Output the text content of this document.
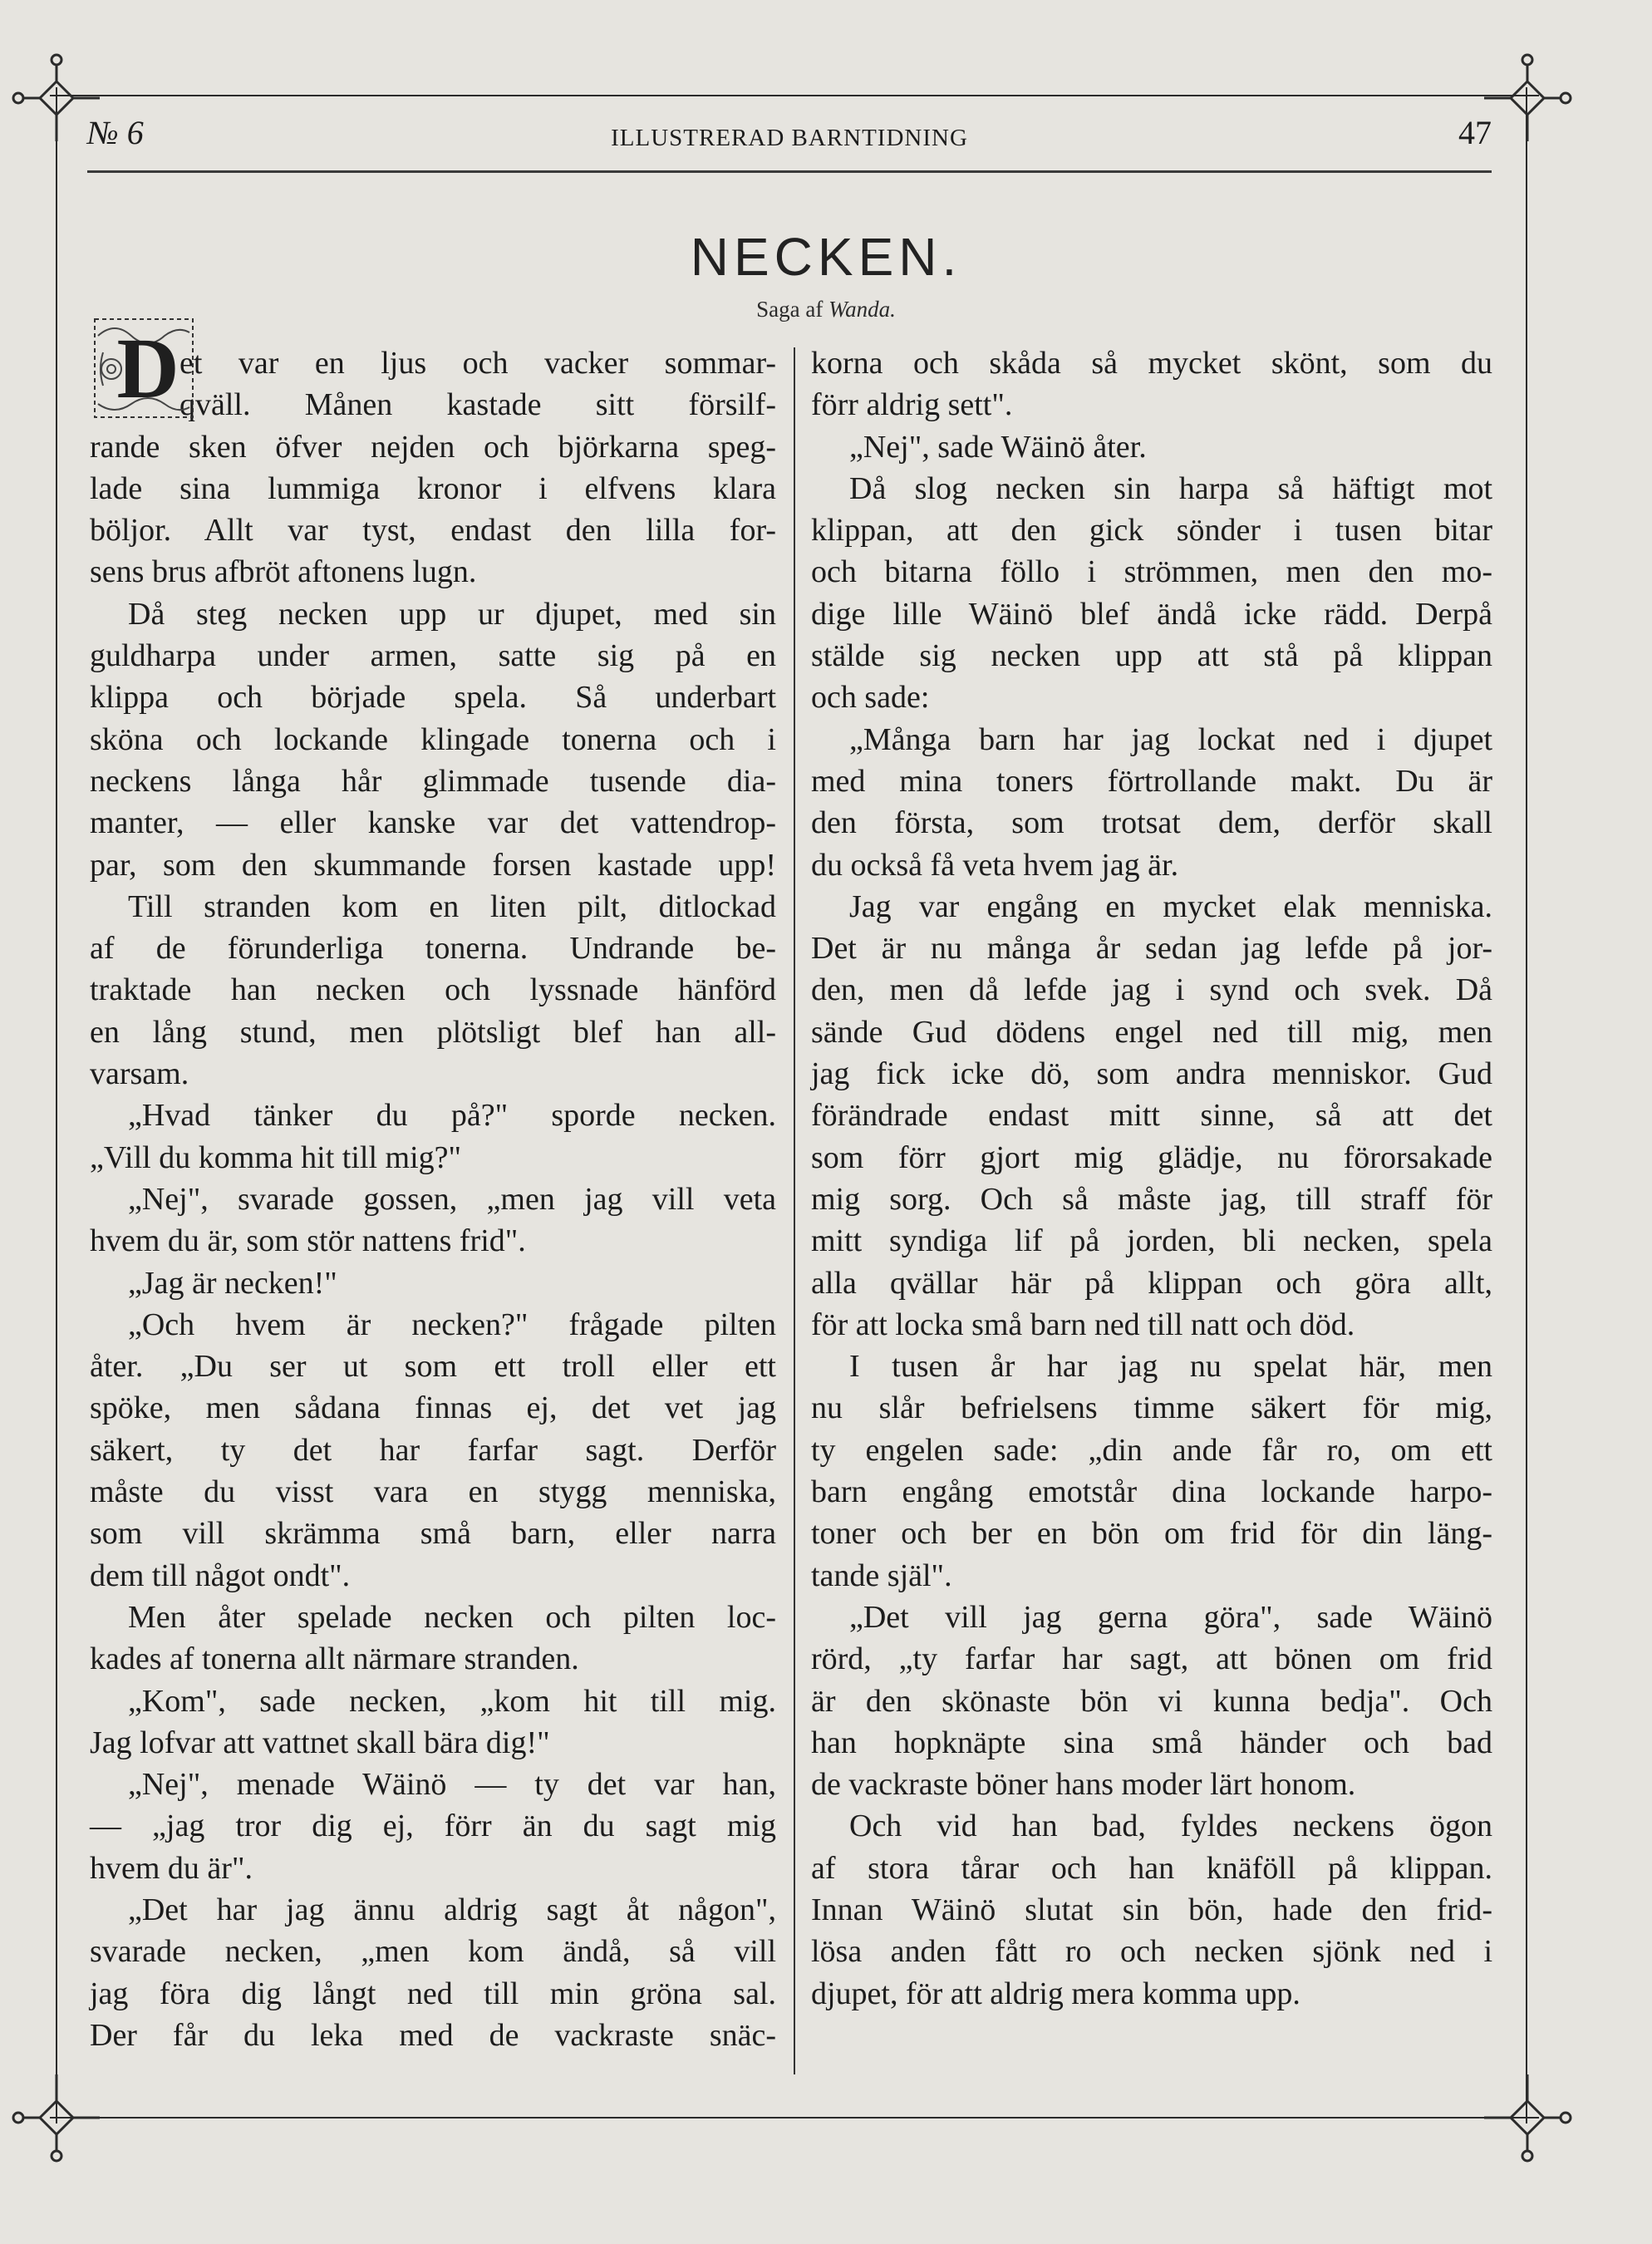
№ 6	ILLUSTRERAD BARNTIDNING	47
NECKEN.
Saga af Wanda.
D et var en ljus och vacker sommar-
qväll. Månen kastade sitt försilf-
rande sken öfver nejden och björkarna speg-
lade sina lummiga kronor i elfvens klara
böljor. Allt var tyst, endast den lilla for-
sens brus afbröt aftonens lugn.
Då steg necken upp ur djupet, med sin
guldharpa under armen, satte sig på en
klippa och började spela. Så underbart
sköna och lockande klingade tonerna och i
neckens långa hår glimmade tusende dia-
manter, — eller kanske var det vattendrop-
par, som den skummande forsen kastade upp!
Till stranden kom en liten pilt, ditlockad
af de förunderliga tonerna. Undrande be-
traktade han necken och lyssnade hänförd
en lång stund, men plötsligt blef han all-
varsam.
„Hvad tänker du på?" sporde necken.
„Vill du komma hit till mig?"
„Nej", svarade gossen, „men jag vill veta
hvem du är, som stör nattens frid".
„Jag är necken!"
„Och hvem är necken?" frågade pilten
åter. „Du ser ut som ett troll eller ett
spöke, men sådana finnas ej, det vet jag
säkert, ty det har farfar sagt. Derför
måste du visst vara en stygg menniska,
som vill skrämma små barn, eller narra
dem till något ondt".
Men åter spelade necken och pilten loc-
kades af tonerna allt närmare stranden.
„Kom", sade necken, „kom hit till mig.
Jag lofvar att vattnet skall bära dig!"
„Nej", menade Wäinö — ty det var han,
— „jag tror dig ej, förr än du sagt mig
hvem du är".
„Det har jag ännu aldrig sagt åt någon",
svarade necken, „men kom ändå, så vill
jag föra dig långt ned till min gröna sal.
Der får du leka med de vackraste snäc-
korna och skåda så mycket skönt, som du
förr aldrig sett".
„Nej", sade Wäinö åter.
Då slog necken sin harpa så häftigt mot
klippan, att den gick sönder i tusen bitar
och bitarna föllo i strömmen, men den mo-
dige lille Wäinö blef ändå icke rädd. Derpå
stälde sig necken upp att stå på klippan
och sade:
„Många barn har jag lockat ned i djupet
med mina toners förtrollande makt. Du är
den första, som trotsat dem, derför skall
du också få veta hvem jag är.
Jag var engång en mycket elak menniska.
Det är nu många år sedan jag lefde på jor-
den, men då lefde jag i synd och svek. Då
sände Gud dödens engel ned till mig, men
jag fick icke dö, som andra menniskor. Gud
förändrade endast mitt sinne, så att det
som förr gjort mig glädje, nu förorsakade
mig sorg. Och så måste jag, till straff för
mitt syndiga lif på jorden, bli necken, spela
alla qvällar här på klippan och göra allt,
för att locka små barn ned till natt och död.
I tusen år har jag nu spelat här, men
nu slår befrielsens timme säkert för mig,
ty engelen sade: „din ande får ro, om ett
barn engång emotstår dina lockande harpo-
toner och ber en bön om frid för din läng-
tande själ".
„Det vill jag gerna göra", sade Wäinö
rörd, „ty farfar har sagt, att bönen om frid
är den skönaste bön vi kunna bedja". Och
han hopknäpte sina små händer och bad
de vackraste böner hans moder lärt honom.
Och vid han bad, fyldes neckens ögon
af stora tårar och han knäföll på klippan.
Innan Wäinö slutat sin bön, hade den frid-
lösa anden fått ro och necken sjönk ned i
djupet, för att aldrig mera komma upp.
